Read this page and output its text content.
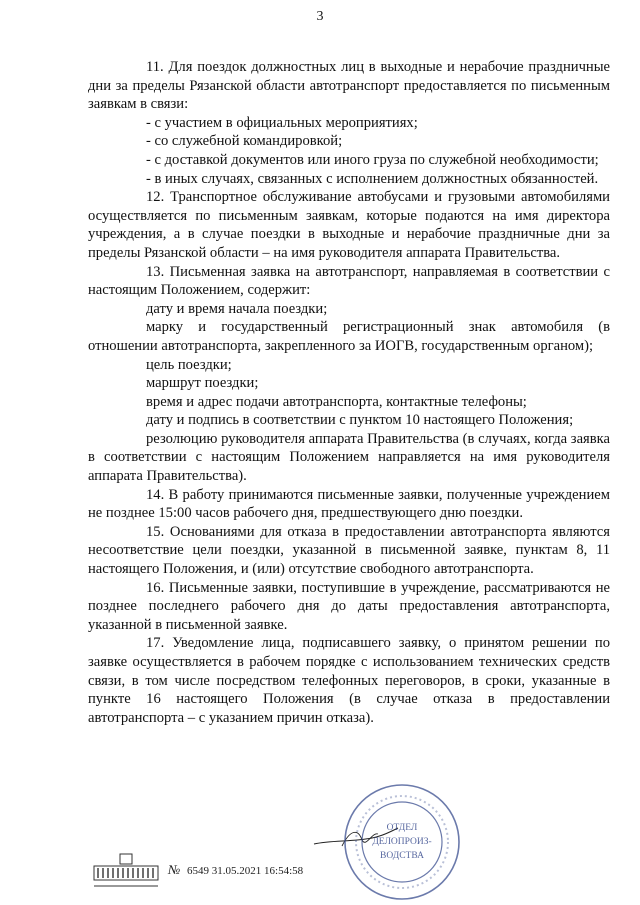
3

11. Для поездок должностных лиц в выходные и нерабочие праздничные дни за пределы Рязанской области автотранспорт предоставляется по письменным заявкам в связи:

- с участием в официальных мероприятиях;

- со служебной командировкой;

- с доставкой документов или иного груза по служебной необходимости;

- в иных случаях, связанных с исполнением должностных обязанностей.

12. Транспортное обслуживание автобусами и грузовыми автомобилями осуществляется по письменным заявкам, которые подаются на имя директора учреждения, а в случае поездки в выходные и нерабочие праздничные дни за пределы Рязанской области – на имя руководителя аппарата Правительства.

13. Письменная заявка на автотранспорт, направляемая в соответствии с настоящим Положением, содержит:

дату и время начала поездки;

марку и государственный регистрационный знак автомобиля (в отношении автотранспорта, закрепленного за ИОГВ, государственным органом);

цель поездки;

маршрут поездки;

время и адрес подачи автотранспорта, контактные телефоны;

дату и подпись в соответствии с пунктом 10 настоящего Положения;

резолюцию руководителя аппарата Правительства (в случаях, когда заявка в соответствии с настоящим Положением направляется на имя руководителя аппарата Правительства).

14. В работу принимаются письменные заявки, полученные учреждением не позднее 15:00 часов рабочего дня, предшествующего дню поездки.

15. Основаниями для отказа в предоставлении автотранспорта являются несоответствие цели поездки, указанной в письменной заявке, пунктам 8, 11 настоящего Положения, и (или) отсутствие свободного автотранспорта.

16. Письменные заявки, поступившие в учреждение, рассматриваются не позднее последнего рабочего дня до даты предоставления автотранспорта, указанной в письменной заявке.

17. Уведомление лица, подписавшего заявку, о принятом решении по заявке осуществляется в рабочем порядке с использованием технических средств связи, в том числе посредством телефонных переговоров, в сроки, указанные в пункте 16 настоящего Положения (в случае отказа в предоставлении автотранспорта – с указанием причин отказа).

ОТДЕЛ
ДЕЛОПРОИЗ-
ВОДСТВА
№ 6549 31.05.2021 16:54:58
